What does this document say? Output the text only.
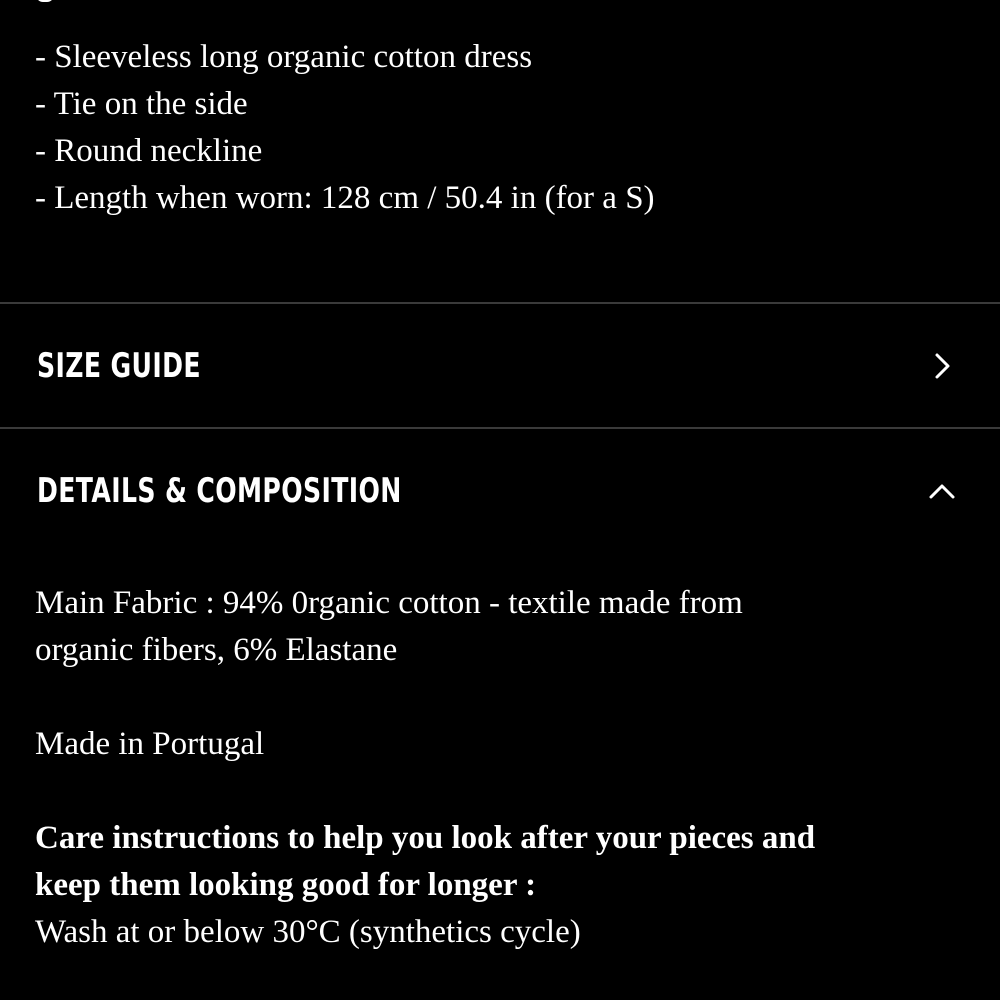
- Sleeveless long organic cotton dress
- Tie on the side
- Round neckline
- Length when worn: 128 cm / 50.4 in (for a S)
SIZE GUIDE
DETAILS & COMPOSITION

Main Fabric : 94% 0rganic cotton - textile made from

organic fibers, 6% Elastane

Made in Portugal

Care instructions to help you look after your pieces and

keep them looking good for longer :

Wash at or below 30°C (synthetics cycle)
